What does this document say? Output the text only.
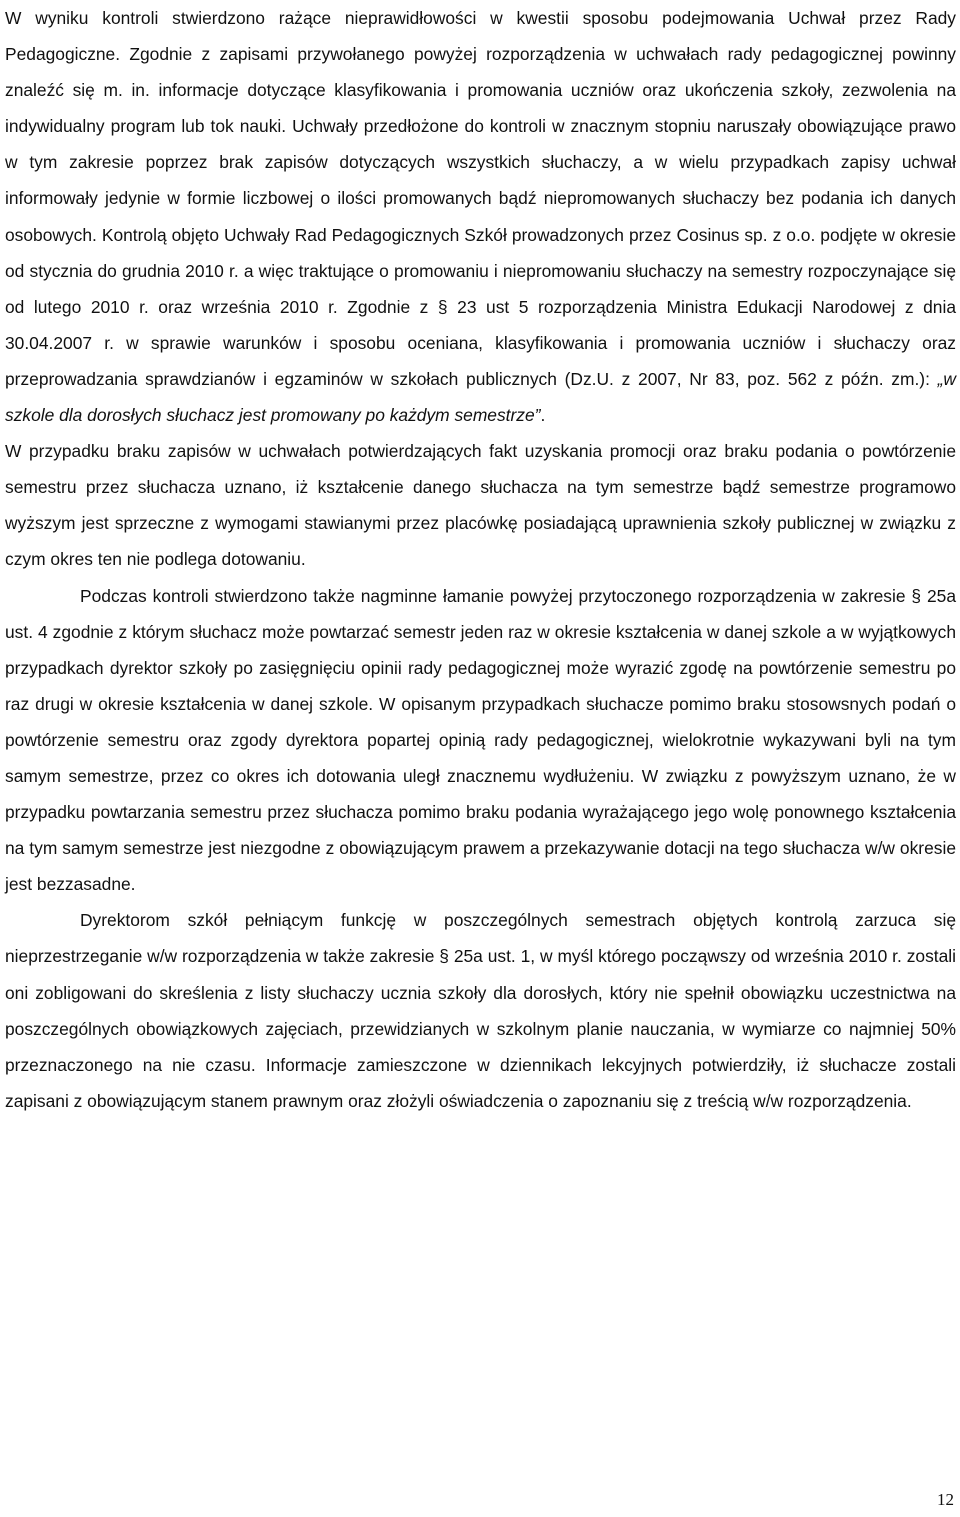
W wyniku kontroli stwierdzono rażące nieprawidłowości w kwestii sposobu podejmowania Uchwał przez Rady Pedagogiczne. Zgodnie z zapisami przywołanego powyżej rozporządzenia w uchwałach rady pedagogicznej powinny znaleźć się m. in. informacje dotyczące klasyfikowania i promowania uczniów oraz ukończenia szkoły, zezwolenia na indywidualny program lub tok nauki. Uchwały przedłożone do kontroli w znacznym stopniu naruszały obowiązujące prawo w tym zakresie poprzez brak zapisów dotyczących wszystkich słuchaczy, a w wielu przypadkach zapisy uchwał informowały jedynie w formie liczbowej o ilości promowanych bądź niepromowanych słuchaczy bez podania ich danych osobowych. Kontrolą objęto Uchwały Rad Pedagogicznych Szkół prowadzonych przez Cosinus sp. z o.o. podjęte w okresie od stycznia do grudnia 2010 r. a więc traktujące o promowaniu i niepromowaniu słuchaczy na semestry rozpoczynające się od lutego 2010 r. oraz września 2010 r. Zgodnie z § 23 ust 5 rozporządzenia Ministra Edukacji Narodowej z dnia 30.04.2007 r. w sprawie warunków i sposobu oceniana, klasyfikowania i promowania uczniów i słuchaczy oraz przeprowadzania sprawdzianów i egzaminów w szkołach publicznych (Dz.U. z 2007, Nr 83, poz. 562 z późn. zm.): „w szkole dla dorosłych słuchacz jest promowany po każdym semestrze”.

W przypadku braku zapisów w uchwałach potwierdzających fakt uzyskania promocji oraz braku podania o powtórzenie semestru przez słuchacza uznano, iż kształcenie danego słuchacza na tym semestrze bądź semestrze programowo wyższym jest sprzeczne z wymogami stawianymi przez placówkę posiadającą uprawnienia szkoły publicznej w związku z czym okres ten nie podlega dotowaniu.

Podczas kontroli stwierdzono także nagminne łamanie powyżej przytoczonego rozporządzenia w zakresie § 25a ust. 4 zgodnie z którym słuchacz może powtarzać semestr jeden raz w okresie kształcenia w danej szkole a w wyjątkowych przypadkach dyrektor szkoły po zasięgnięciu opinii rady pedagogicznej może wyrazić zgodę na powtórzenie semestru po raz drugi w okresie kształcenia w danej szkole. W opisanym przypadkach słuchacze pomimo braku stosowsnych podań o powtórzenie semestru oraz zgody dyrektora popartej opinią rady pedagogicznej, wielokrotnie wykazywani byli na tym samym semestrze, przez co okres ich dotowania uległ znacznemu wydłużeniu. W związku z powyższym uznano, że w przypadku powtarzania semestru przez słuchacza pomimo braku podania wyrażającego jego wolę ponownego kształcenia na tym samym semestrze jest niezgodne z obowiązującym prawem a przekazywanie dotacji na tego słuchacza w/w okresie jest bezzasadne.

Dyrektorom szkół pełniącym funkcję w poszczególnych semestrach objętych kontrolą zarzuca się nieprzestrzeganie w/w rozporządzenia w także zakresie § 25a ust. 1, w myśl którego począwszy od września 2010 r. zostali oni zobligowani do skreślenia z listy słuchaczy ucznia szkoły dla dorosłych, który nie spełnił obowiązku uczestnictwa na poszczególnych obowiązkowych zajęciach, przewidzianych w szkolnym planie nauczania, w wymiarze co najmniej 50% przeznaczonego na nie czasu. Informacje zamieszczone w dziennikach lekcyjnych potwierdziły, iż słuchacze zostali zapisani z obowiązującym stanem prawnym oraz złożyli oświadczenia o zapoznaniu się z treścią w/w rozporządzenia.

12
